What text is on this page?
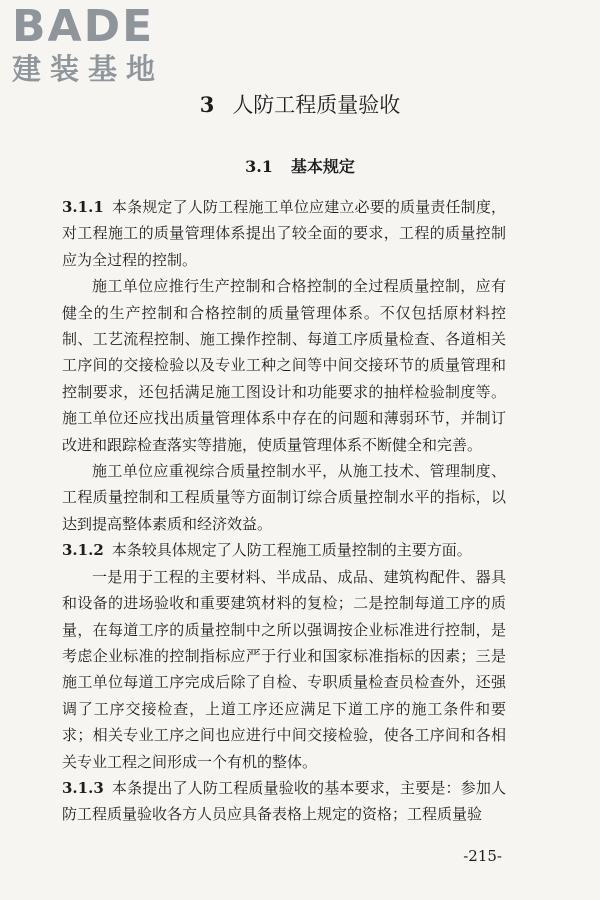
BADE
建装基地
3 人防工程质量验收
3.1 基本规定

3.1.1 本条规定了人防工程施工单位应建立必要的质量责任制度，对工程施工的质量管理体系提出了较全面的要求，工程的质量控制应为全过程的控制。

施工单位应推行生产控制和合格控制的全过程质量控制，应有健全的生产控制和合格控制的质量管理体系。不仅包括原材料控制、工艺流程控制、施工操作控制、每道工序质量检查、各道相关工序间的交接检验以及专业工种之间等中间交接环节的质量管理和控制要求，还包括满足施工图设计和功能要求的抽样检验制度等。施工单位还应找出质量管理体系中存在的问题和薄弱环节，并制订改进和跟踪检查落实等措施，使质量管理体系不断健全和完善。

施工单位应重视综合质量控制水平，从施工技术、管理制度、工程质量控制和工程质量等方面制订综合质量控制水平的指标，以达到提高整体素质和经济效益。

3.1.2 本条较具体规定了人防工程施工质量控制的主要方面。

一是用于工程的主要材料、半成品、成品、建筑构配件、器具和设备的进场验收和重要建筑材料的复检；二是控制每道工序的质量，在每道工序的质量控制中之所以强调按企业标准进行控制，是考虑企业标准的控制指标应严于行业和国家标准指标的因素；三是施工单位每道工序完成后除了自检、专职质量检查员检查外，还强调了工序交接检查，上道工序还应满足下道工序的施工条件和要求；相关专业工序之间也应进行中间交接检验，使各工序间和各相关专业工程之间形成一个有机的整体。

3.1.3 本条提出了人防工程质量验收的基本要求，主要是：参加人防工程质量验收各方人员应具备表格上规定的资格；工程质量验

-215-
